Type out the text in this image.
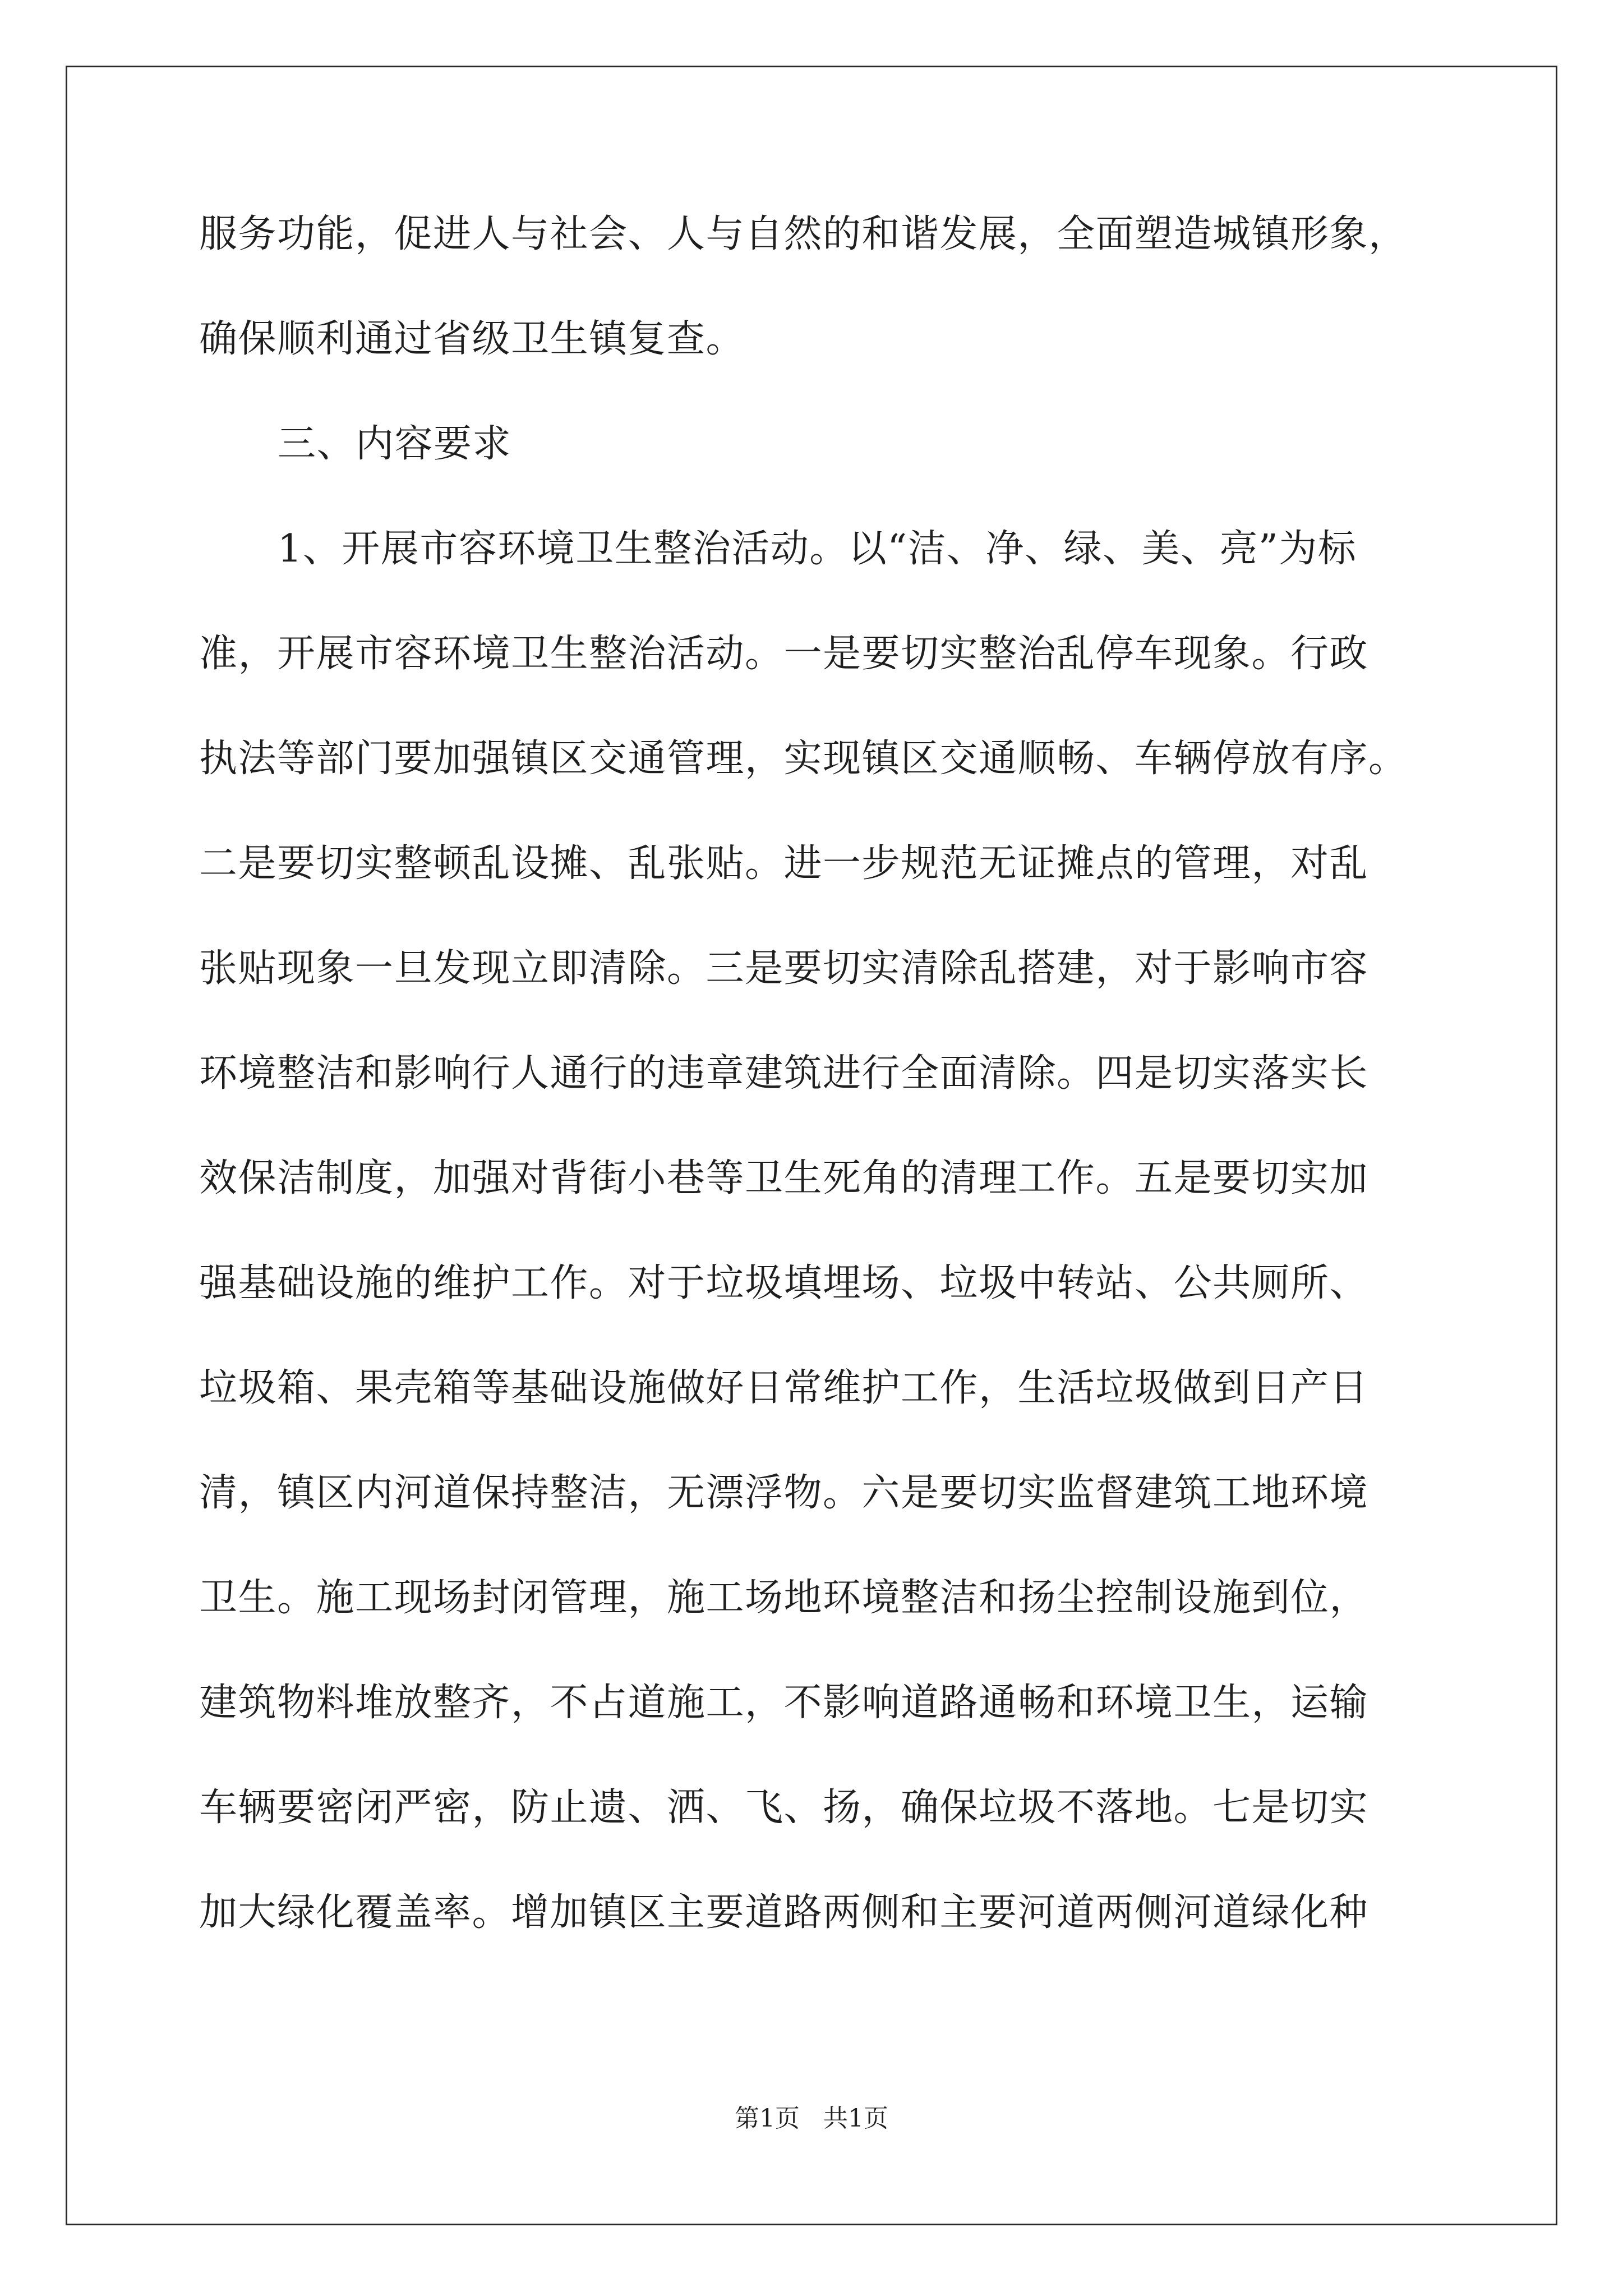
服务功能，促进人与社会、人与自然的和谐发展，全面塑造城镇形象，
确保顺利通过省级卫生镇复查。
三、内容要求
1、开展市容环境卫生整治活动。以“洁、净、绿、美、亮”为标
准，开展市容环境卫生整治活动。一是要切实整治乱停车现象。行政
执法等部门要加强镇区交通管理，实现镇区交通顺畅、车辆停放有序。
二是要切实整顿乱设摊、乱张贴。进一步规范无证摊点的管理，对乱
张贴现象一旦发现立即清除。三是要切实清除乱搭建，对于影响市容
环境整洁和影响行人通行的违章建筑进行全面清除。四是切实落实长
效保洁制度，加强对背街小巷等卫生死角的清理工作。五是要切实加
强基础设施的维护工作。对于垃圾填埋场、垃圾中转站、公共厕所、
垃圾箱、果壳箱等基础设施做好日常维护工作，生活垃圾做到日产日
清，镇区内河道保持整洁，无漂浮物。六是要切实监督建筑工地环境
卫生。施工现场封闭管理，施工场地环境整洁和扬尘控制设施到位，
建筑物料堆放整齐，不占道施工，不影响道路通畅和环境卫生，运输
车辆要密闭严密，防止遗、洒、飞、扬，确保垃圾不落地。七是切实
加大绿化覆盖率。增加镇区主要道路两侧和主要河道两侧河道绿化种
第1页   共1页
